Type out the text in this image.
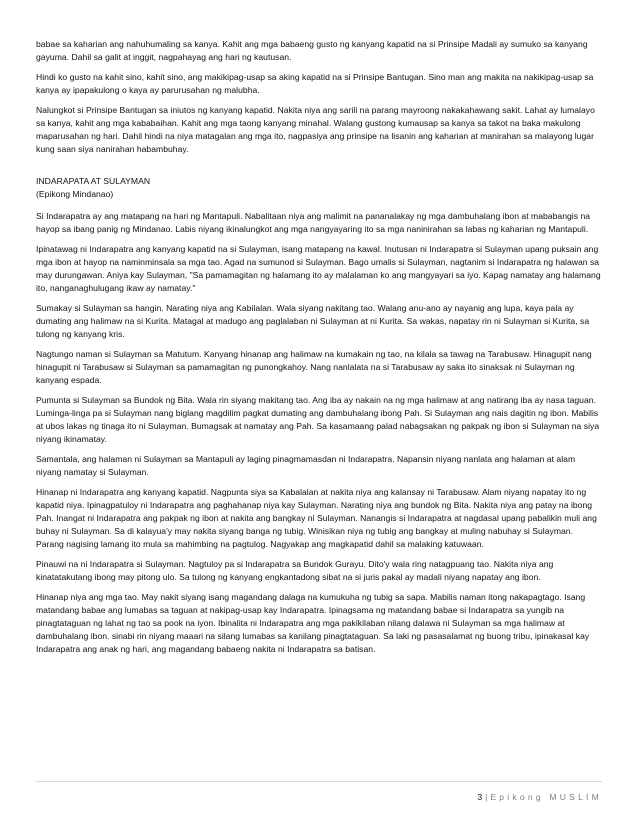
babae sa kaharian ang nahuhumaling sa kanya. Kahit ang mga babaeng gusto ng kanyang kapatid na si Prinsipe Madali ay sumuko sa kanyang gayuma. Dahil sa galit at inggit, nagpahayag ang hari ng kautusan.

Hindi ko gusto na kahit sino, kahit sino, ang makikipag-usap sa aking kapatid na si Prinsipe Bantugan. Sino man ang makita na nakikipag-usap sa kanya ay ipapakulong o kaya ay parurusahan ng malubha.

Nalungkot si Prinsipe Bantugan sa iniutos ng kanyang kapatid. Nakita niya ang sarili na parang mayroong nakakahawang sakit. Lahat ay lumalayo sa kanya, kahit ang mga kababaihan. Kahit ang mga taong kanyang minahal. Walang gustong kumausap sa kanya sa takot na baka makulong maparusahan ng hari. Dahil hindi na niya matagalan ang mga ito, nagpasiya ang prinsipe na lisanin ang kaharian at manirahan sa malayong lugar kung saan siya nanirahan habambuhay.

INDARAPATA AT SULAYMAN

(Epikong Mindanao)

Si Indarapatra ay ang matapang na hari ng Mantapuli. Nabalitaan niya ang malimit na pananalakay ng mga dambuhalang ibon at mababangis na hayop sa ibang panig ng Mindanao. Labis niyang ikinalungkot ang mga nangyayaring ito sa mga naninirahan sa labas ng kaharian ng Mantapuli.

Ipinatawag ni Indarapatra ang kanyang kapatid na si Sulayman, isang matapang na kawal. Inutusan ni Indarapatra si Sulayman upang puksain ang mga ibon at hayop na naminminsala sa mga tao. Agad na sumunod si Sulayman. Bago umalis si Sulayman, nagtanim si Indarapatra ng halawan sa may durungawan. Aniya kay Sulayman, "Sa pamamagitan ng halamang ito ay malalaman ko ang mangyayari sa iyo. Kapag namatay ang halamang ito, nanganaghulugang ikaw ay namatay."

Sumakay si Sulayman sa hangin. Narating niya ang Kabilalan. Wala siyang nakitang tao. Walang anu-ano ay nayanig ang lupa, kaya pala ay dumating ang halimaw na si Kurita. Matagal at madugo ang paglalaban ni Sulayman at ni Kurita. Sa wakas, napatay rin ni Sulayman si Kurita, sa tulong ng kanyang kris.

Nagtungo naman si Sulayman sa Matutum. Kanyang hinanap ang halimaw na kumakain ng tao, na kilala sa tawag na Tarabusaw. Hinagupit nang hinagupit ni Tarabusaw si Sulayman sa pamamagitan ng punongkahoy. Nang nanlalata na si Tarabusaw ay saka ito sinaksak ni Sulayman ng kanyang espada.

Pumunta si Sulayman sa Bundok ng Bita. Wala rin siyang makitang tao. Ang iba ay nakain na ng mga halimaw at ang natirang iba ay nasa taguan. Luminga-linga pa si Sulayman nang biglang magdilim pagkat dumating ang dambuhalang ibong Pah. Si Sulayman ang nais dagitin ng ibon. Mabilis at ubos lakas ng tinaga ito ni Sulayman. Bumagsak at namatay ang Pah. Sa kasamaang palad nabagsakan ng pakpak ng ibon si Sulayman na siya niyang ikinamatay.

Samantala, ang halaman ni Sulayman sa Mantapuli ay laging pinagmamasdan ni Indarapatra. Napansin niyang nanlata ang halaman at alam niyang namatay si Sulayman.

Hinanap ni Indarapatra ang kanyang kapatid. Nagpunta siya sa Kabalalan at nakita niya ang kalansay ni Tarabusaw. Alam niyang napatay ito ng kapatid niya. Ipinagpatuloy ni Indarapatra ang paghahanap niya kay Sulayman. Narating niya ang bundok ng Bita. Nakita niya ang patay na ibong Pah. Inangat ni Indarapatra ang pakpak ng ibon at nakita ang bangkay ni Sulayman. Nanangis si Indarapatra at nagdasal upang pabalikin muli ang buhay ni Sulayman. Sa di kalayua'y may nakita siyang banga ng tubig. Winisikan niya ng tubig ang bangkay at muling nabuhay si Sulayman. Parang nagising lamang ito mula sa mahimbing na pagtulog. Nagyakap ang magkapatid dahil sa malaking katuwaan.

Pinauwi na ni Indarapatra si Sulayman. Nagtuloy pa si Indarapatra sa Bundok Gurayu. Dito'y wala ring natagpuang tao. Nakita niya ang kinatatakutang ibong may pitong ulo. Sa tulong ng kanyang engkantadong sibat na si juris pakal ay madali niyang napatay ang ibon.

Hinanap niya ang mga tao. May nakit siyang isang magandang dalaga na kumukuha ng tubig sa sapa. Mabilis naman itong nakapagtago. Isang matandang babae ang lumabas sa taguan at nakipag-usap kay Indarapatra. Ipinagsama ng matandang babae si Indarapatra sa yungib na pinagtataguan ng lahat ng tao sa pook na iyon. Ibinalita ni Indarapatra ang mga pakikilaban nilang dalawa ni Sulayman sa mga halimaw at dambuhalang ibon. sinabi rin niyang maaari na silang lumabas sa kanilang pinagtataguan. Sa laki ng pasasalamat ng buong tribu, ipinakasal kay Indarapatra ang anak ng hari, ang magandang babaeng nakita ni Indarapatra sa batisan.

3 | Epikong MUSLIM
